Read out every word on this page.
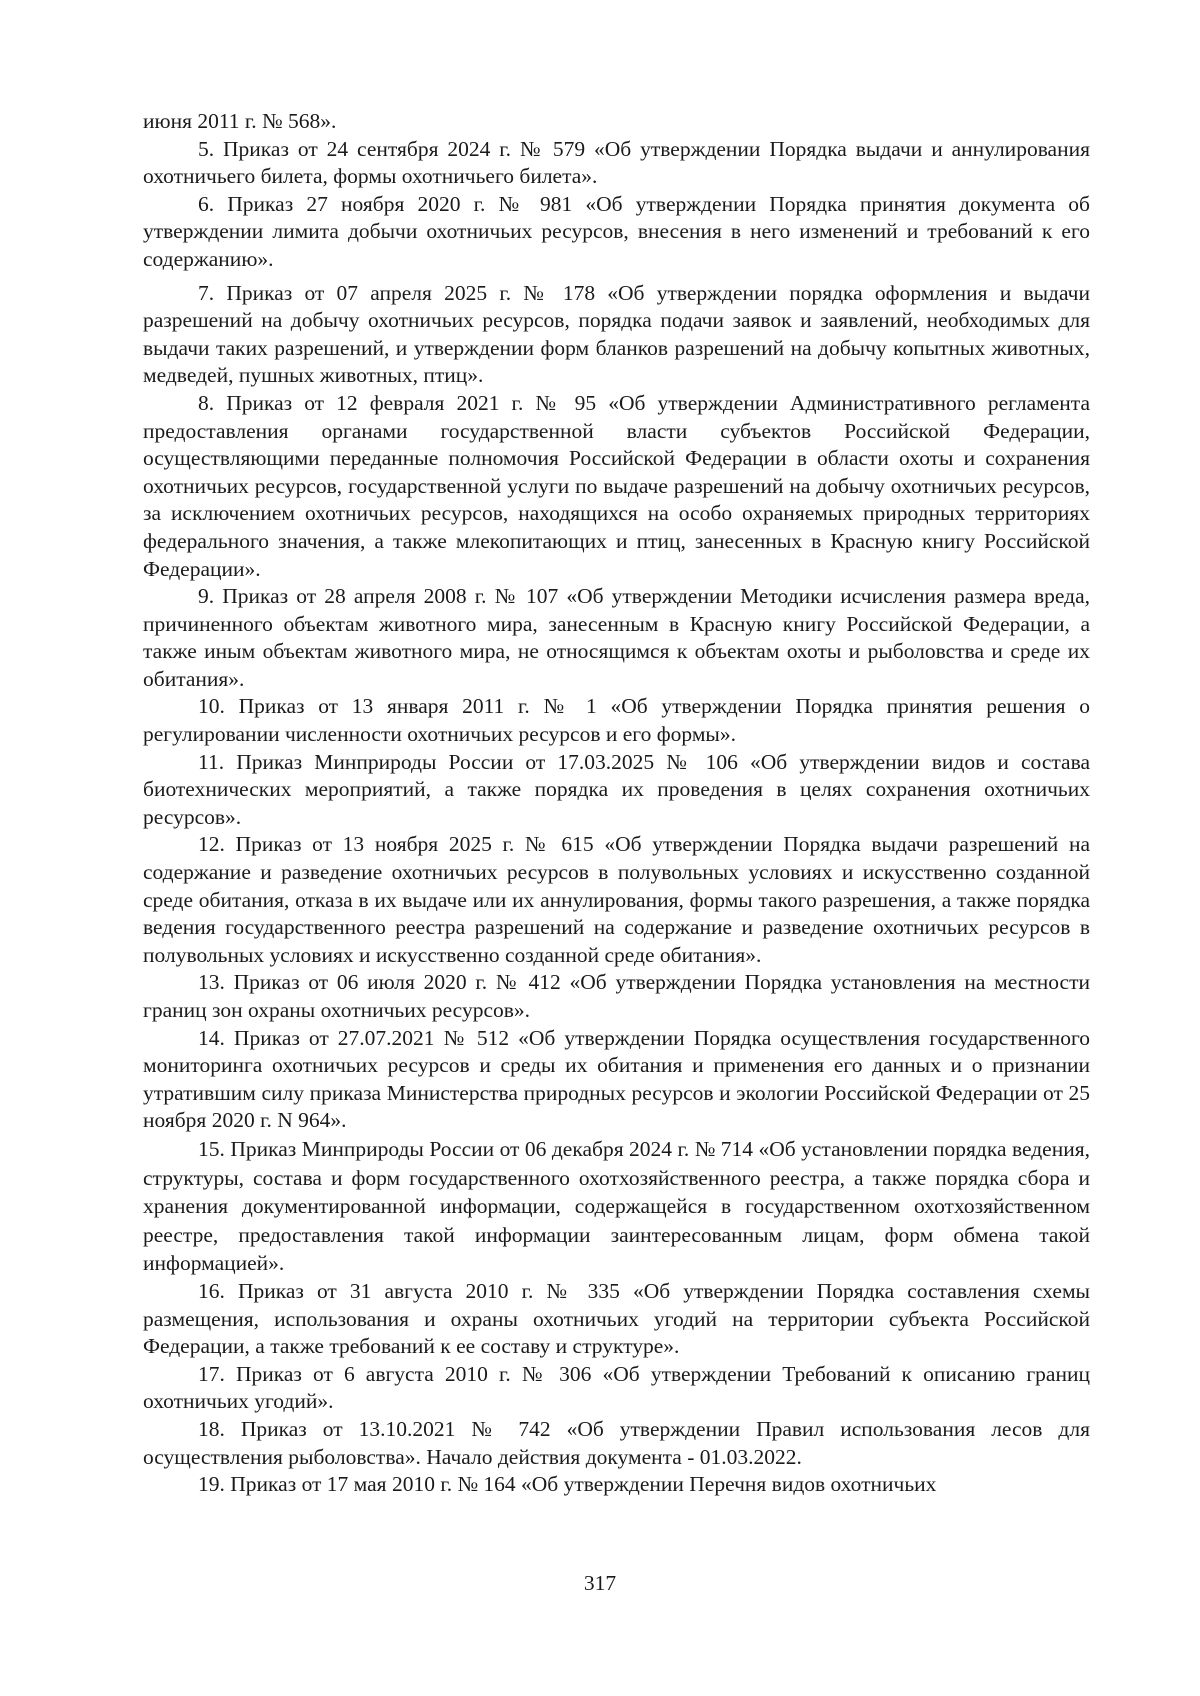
июня 2011 г. № 568».

5. Приказ от 24 сентября 2024 г. № 579 «Об утверждении Порядка выдачи и аннулирования охотничьего билета, формы охотничьего билета».

6. Приказ 27 ноября 2020 г. № 981 «Об утверждении Порядка принятия документа об утверждении лимита добычи охотничьих ресурсов, внесения в него изменений и требований к его содержанию».

7. Приказ от 07 апреля 2025 г. № 178 «Об утверждении порядка оформления и выдачи разрешений на добычу охотничьих ресурсов, порядка подачи заявок и заявлений, необходимых для выдачи таких разрешений, и утверждении форм бланков разрешений на добычу копытных животных, медведей, пушных животных, птиц».

8. Приказ от 12 февраля 2021 г. № 95 «Об утверждении Административного регламента предоставления органами государственной власти субъектов Российской Федерации, осуществляющими переданные полномочия Российской Федерации в области охоты и сохранения охотничьих ресурсов, государственной услуги по выдаче разрешений на добычу охотничьих ресурсов, за исключением охотничьих ресурсов, находящихся на особо охраняемых природных территориях федерального значения, а также млекопитающих и птиц, занесенных в Красную книгу Российской Федерации».

9. Приказ от 28 апреля 2008 г. № 107 «Об утверждении Методики исчисления размера вреда, причиненного объектам животного мира, занесенным в Красную книгу Российской Федерации, а также иным объектам животного мира, не относящимся к объектам охоты и рыболовства и среде их обитания».

10. Приказ от 13 января 2011 г. № 1 «Об утверждении Порядка принятия решения о регулировании численности охотничьих ресурсов и его формы».

11. Приказ Минприроды России от 17.03.2025 № 106 «Об утверждении видов и состава биотехнических мероприятий, а также порядка их проведения в целях сохранения охотничьих ресурсов».

12. Приказ от 13 ноября 2025 г. № 615 «Об утверждении Порядка выдачи разрешений на содержание и разведение охотничьих ресурсов в полувольных условиях и искусственно созданной среде обитания, отказа в их выдаче или их аннулирования, формы такого разрешения, а также порядка ведения государственного реестра разрешений на содержание и разведение охотничьих ресурсов в полувольных условиях и искусственно созданной среде обитания».

13. Приказ от 06 июля 2020 г. № 412 «Об утверждении Порядка установления на местности границ зон охраны охотничьих ресурсов».

14. Приказ от 27.07.2021 № 512 «Об утверждении Порядка осуществления государственного мониторинга охотничьих ресурсов и среды их обитания и применения его данных и о признании утратившим силу приказа Министерства природных ресурсов и экологии Российской Федерации от 25 ноября 2020 г. N 964».

15. Приказ Минприроды России от 06 декабря 2024 г. № 714 «Об установлении порядка ведения, структуры, состава и форм государственного охотхозяйственного реестра, а также порядка сбора и хранения документированной информации, содержащейся в государственном охотхозяйственном реестре, предоставления такой информации заинтересованным лицам, форм обмена такой информацией».

16. Приказ от 31 августа 2010 г. № 335 «Об утверждении Порядка составления схемы размещения, использования и охраны охотничьих угодий на территории субъекта Российской Федерации, а также требований к ее составу и структуре».

17. Приказ от 6 августа 2010 г. № 306 «Об утверждении Требований к описанию границ охотничьих угодий».

18. Приказ от 13.10.2021 № 742 «Об утверждении Правил использования лесов для осуществления рыболовства». Начало действия документа - 01.03.2022.

19. Приказ от 17 мая 2010 г. № 164 «Об утверждении Перечня видов охотничьих

317
